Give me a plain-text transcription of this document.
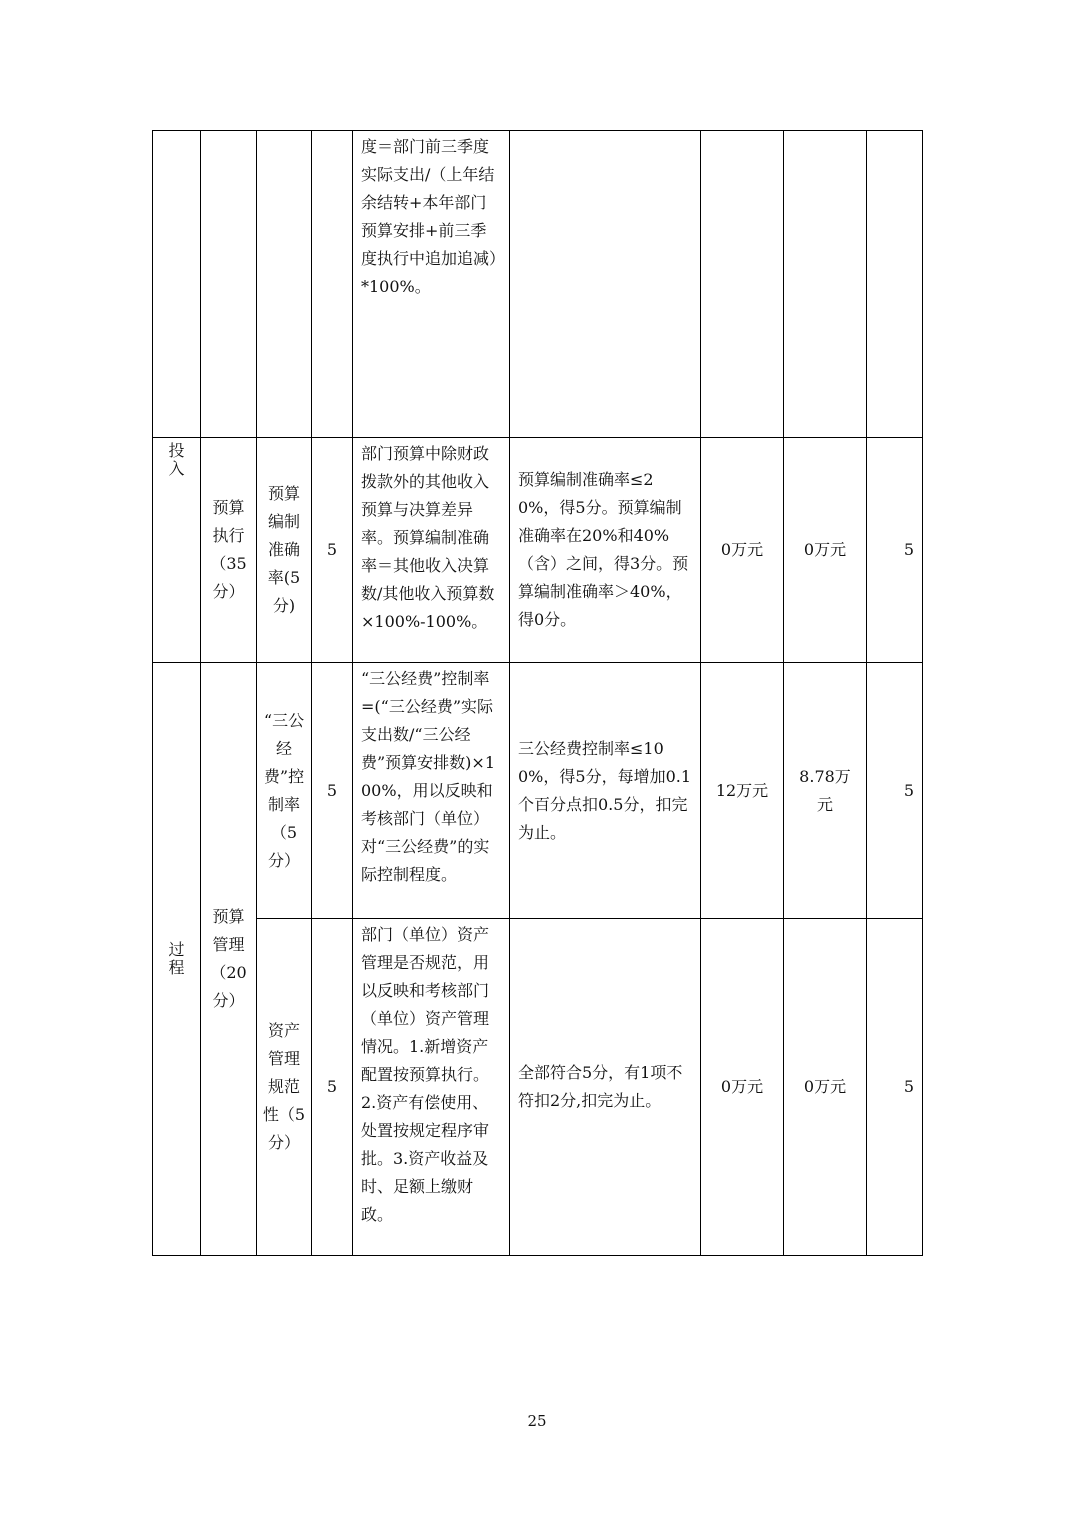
				度＝部门前三季度实际支出/（上年结余结转+本年部门预算安排+前三季度执行中追加追减）*100%。				

投入	预算执行（35分）	预算编制准确率(5分)	5	部门预算中除财政拨款外的其他收入预算与决算差异率。预算编制准确率＝其他收入决算数/其他收入预算数×100%-100%。	预算编制准确率≤20%，得5分。预算编制准确率在20%和40%（含）之间，得3分。预算编制准确率＞40%，得0分。	0万元	0万元	5

过程	预算管理（20分）	“三公经费”控制率（5分）	5	“三公经费”控制率=(“三公经费”实际支出数/“三公经费”预算安排数)×100%，用以反映和考核部门（单位）对“三公经费”的实际控制程度。	三公经费控制率≤100%，得5分，每增加0.1个百分点扣0.5分，扣完为止。	12万元	8.78万元	5
		资产管理规范性（5分）	5	部门（单位）资产管理是否规范，用以反映和考核部门（单位）资产管理情况。1.新增资产配置按预算执行。2.资产有偿使用、处置按规定程序审批。3.资产收益及时、足额上缴财政。	全部符合5分，有1项不符扣2分,扣完为止。	0万元	0万元	5
25
